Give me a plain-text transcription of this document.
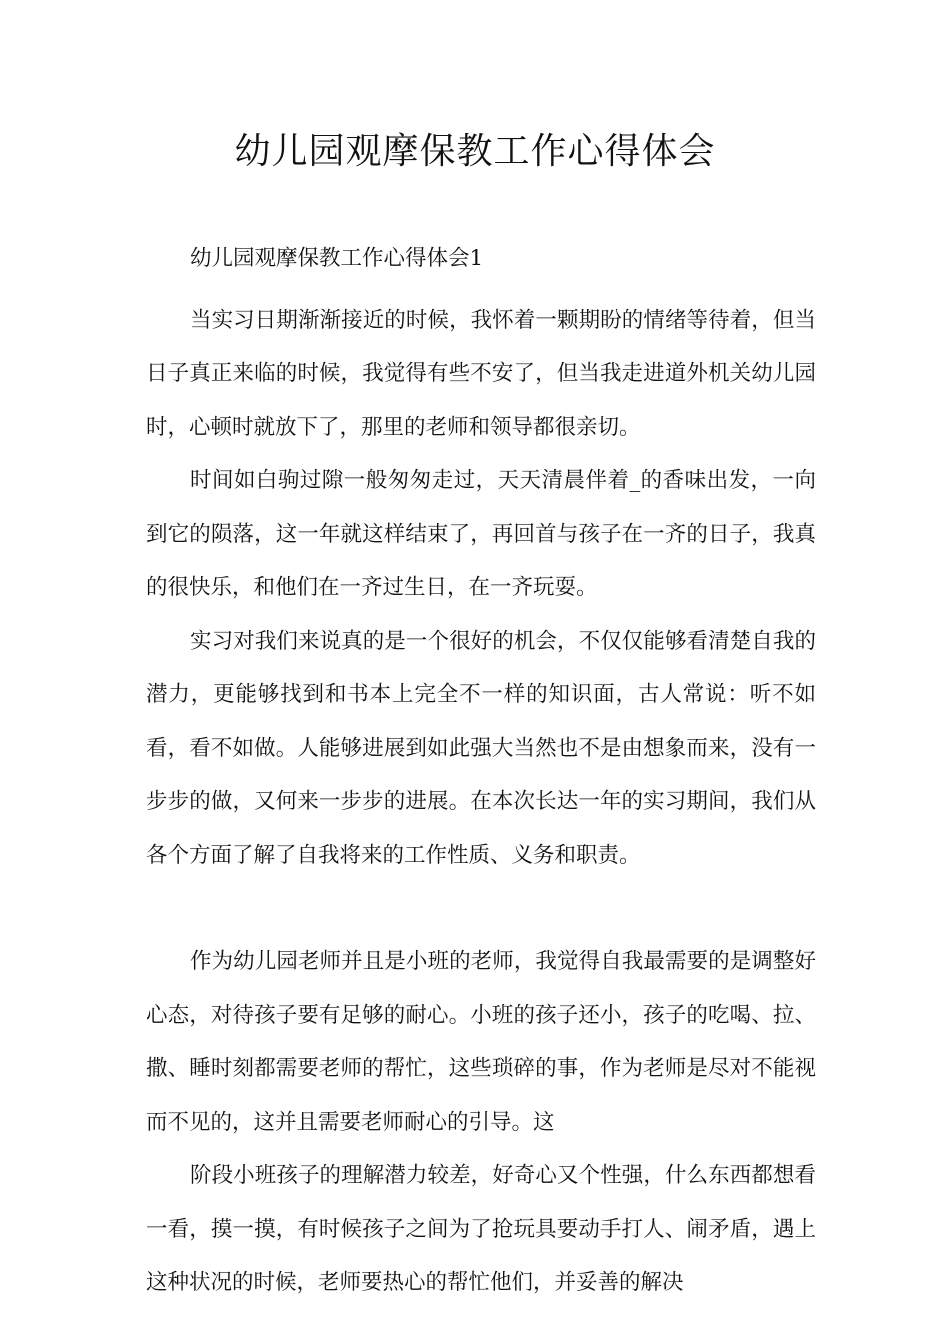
幼儿园观摩保教工作心得体会

幼儿园观摩保教工作心得体会1

当实习日期渐渐接近的时候，我怀着一颗期盼的情绪等待着，但当日子真正来临的时候，我觉得有些不安了，但当我走进道外机关幼儿园时，心顿时就放下了，那里的老师和领导都很亲切。

时间如白驹过隙一般匆匆走过，天天清晨伴着_的香味出发，一向到它的陨落，这一年就这样结束了，再回首与孩子在一齐的日子，我真的很快乐，和他们在一齐过生日，在一齐玩耍。

实习对我们来说真的是一个很好的机会，不仅仅能够看清楚自我的潜力，更能够找到和书本上完全不一样的知识面，古人常说：听不如看，看不如做。人能够进展到如此强大当然也不是由想象而来，没有一步步的做，又何来一步步的进展。在本次长达一年的实习期间，我们从各个方面了解了自我将来的工作性质、义务和职责。

作为幼儿园老师并且是小班的老师，我觉得自我最需要的是调整好心态，对待孩子要有足够的耐心。小班的孩子还小，孩子的吃喝、拉、撒、睡时刻都需要老师的帮忙，这些琐碎的事，作为老师是尽对不能视而不见的，这并且需要老师耐心的引导。这

阶段小班孩子的理解潜力较差，好奇心又个性强，什么东西都想看一看，摸一摸，有时候孩子之间为了抢玩具要动手打人、闹矛盾，遇上这种状况的时候，老师要热心的帮忙他们，并妥善的解决
